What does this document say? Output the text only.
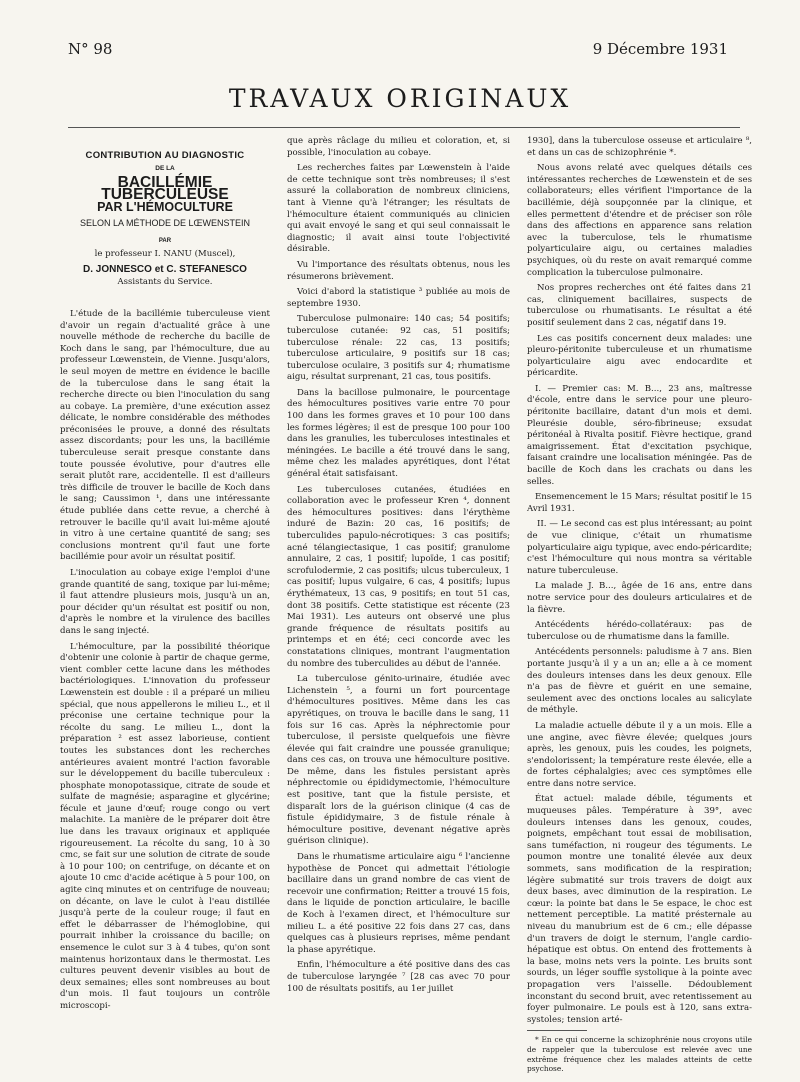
N° 98	9 Décembre 1931
TRAVAUX ORIGINAUX
CONTRIBUTION AU DIAGNOSTIC
DE LA
BACILLÉMIE TUBERCULEUSE
PAR L'HÉMOCULTURE
SELON LA MÉTHODE DE LŒWENSTEIN
PAR
le professeur I. NANU (Muscel),
D. JONNESCO et C. STEFANESCO
Assistants du Service.

L'étude de la bacillémie tuberculeuse vient d'avoir un regain d'actualité grâce à une nouvelle méthode de recherche du bacille de Koch dans le sang, par l'hémoculture, due au professeur Lœwenstein, de Vienne. Jusqu'alors, le seul moyen de mettre en évidence le bacille de la tuberculose dans le sang était la recherche directe ou bien l'inoculation du sang au cobaye. La première, d'une exécution assez délicate, le nombre considérable des méthodes préconisées le prouve, a donné des résultats assez discordants; pour les uns, la bacillémie tuberculeuse serait presque constante dans toute poussée évolutive, pour d'autres elle serait plutôt rare, accidentelle. Il est d'ailleurs très difficile de trouver le bacille de Koch dans le sang; Caussimon ¹, dans une intéressante étude publiée dans cette revue, a cherché à retrouver le bacille qu'il avait lui-même ajouté in vitro à une certaine quantité de sang; ses conclusions montrent qu'il faut une forte bacillémie pour avoir un résultat positif.

L'inoculation au cobaye exige l'emploi d'une grande quantité de sang, toxique par lui-même; il faut attendre plusieurs mois, jusqu'à un an, pour décider qu'un résultat est positif ou non, d'après le nombre et la virulence des bacilles dans le sang injecté.

L'hémoculture, par la possibilité théorique d'obtenir une colonie à partir de chaque germe, vient combler cette lacune dans les méthodes bactériologiques. L'innovation du professeur Lœwenstein est double : il a préparé un milieu spécial, que nous appellerons le milieu L., et il préconise une certaine technique pour la récolte du sang. Le milieu L., dont la préparation ² est assez laborieuse, contient toutes les substances dont les recherches antérieures avaient montré l'action favorable sur le développement du bacille tuberculeux : phosphate monopotassique, citrate de soude et sulfate de magnésie; asparagine et glycérine; fécule et jaune d'œuf; rouge congo ou vert malachite. La manière de le préparer doit être lue dans les travaux originaux et appliquée rigoureusement. La récolte du sang, 10 à 30 cmc, se fait sur une solution de citrate de soude à 10 pour 100; on centrifuge, on décante et on ajoute 10 cmc d'acide acétique à 5 pour 100, on agite cinq minutes et on centrifuge de nouveau; on décante, on lave le culot à l'eau distillée jusqu'à perte de la couleur rouge; il faut en effet le débarrasser de l'hémoglobine, qui pourrait inhiber la croissance du bacille; on ensemence le culot sur 3 à 4 tubes, qu'on sont maintenus horizontaux dans le thermostat. Les cultures peuvent devenir visibles au bout de deux semaines; elles sont nombreuses au bout d'un mois. Il faut toujours un contrôle microscopi-

que après râclage du milieu et coloration, et, si possible, l'inoculation au cobaye.

Les recherches faites par Lœwenstein à l'aide de cette technique sont très nombreuses; il s'est assuré la collaboration de nombreux cliniciens, tant à Vienne qu'à l'étranger; les résultats de l'hémoculture étaient communiqués au clinicien qui avait envoyé le sang et qui seul connaissait le diagnostic; il avait ainsi toute l'objectivité désirable.

Vu l'importance des résultats obtenus, nous les résumerons brièvement.

Voici d'abord la statistique ³ publiée au mois de septembre 1930.

Tuberculose pulmonaire: 140 cas; 54 positifs; tuberculose cutanée: 92 cas, 51 positifs; tuberculose rénale: 22 cas, 13 positifs; tuberculose articulaire, 9 positifs sur 18 cas; tuberculose oculaire, 3 positifs sur 4; rhumatisme aigu, résultat surprenant, 21 cas, tous positifs.

Dans la bacillose pulmonaire, le pourcentage des hémocultures positives varie entre 70 pour 100 dans les formes graves et 10 pour 100 dans les formes légères; il est de presque 100 pour 100 dans les granulies, les tuberculoses intestinales et méningées. Le bacille a été trouvé dans le sang, même chez les malades apyrétiques, dont l'état général était satisfaisant.

Les tuberculoses cutanées, étudiées en collaboration avec le professeur Kren ⁴, donnent des hémocultures positives: dans l'érythème induré de Bazin: 20 cas, 16 positifs; de tuberculides papulo-nécrotiques: 3 cas positifs; acné télangiectasique, 1 cas positif; granulome annulaire, 2 cas, 1 positif; lupoïde, 1 cas positif; scrofulodermie, 2 cas positifs; ulcus tuberculeux, 1 cas positif; lupus vulgaire, 6 cas, 4 positifs; lupus érythémateux, 13 cas, 9 positifs; en tout 51 cas, dont 38 positifs. Cette statistique est récente (23 Mai 1931). Les auteurs ont observé une plus grande fréquence de résultats positifs au printemps et en été; ceci concorde avec les constatations cliniques, montrant l'augmentation du nombre des tuberculides au début de l'année.

La tuberculose génito-urinaire, étudiée avec Lichenstein ⁵, a fourni un fort pourcentage d'hémocultures positives. Même dans les cas apyrétiques, on trouva le bacille dans le sang, 11 fois sur 16 cas. Après la néphrectomie pour tuberculose, il persiste quelquefois une fièvre élevée qui fait craindre une poussée granulique; dans ces cas, on trouva une hémoculture positive. De même, dans les fistules persistant après néphrectomie ou épididymectomie, l'hémoculture est positive, tant que la fistule persiste, et disparaît lors de la guérison clinique (4 cas de fistule épididymaire, 3 de fistule rénale à hémoculture positive, devenant négative après guérison clinique).

Dans le rhumatisme articulaire aigu ⁶ l'ancienne hypothèse de Poncet qui admettait l'étiologie bacillaire dans un grand nombre de cas vient de recevoir une confirmation; Reitter a trouvé 15 fois, dans le liquide de ponction articulaire, le bacille de Koch à l'examen direct, et l'hémoculture sur milieu L. a été positive 22 fois dans 27 cas, dans quelques cas à plusieurs reprises, même pendant la phase apyrétique.

Enfin, l'hémoculture a été positive dans des cas de tuberculose laryngée ⁷ [28 cas avec 70 pour 100 de résultats positifs, au 1er juillet

1930], dans la tuberculose osseuse et articulaire ⁸, et dans un cas de schizophrénie *.

Nous avons relaté avec quelques détails ces intéressantes recherches de Lœwenstein et de ses collaborateurs; elles vérifient l'importance de la bacillémie, déjà soupçonnée par la clinique, et elles permettent d'étendre et de préciser son rôle dans des affections en apparence sans relation avec la tuberculose, tels le rhumatisme polyarticulaire aigu, ou certaines maladies psychiques, où du reste on avait remarqué comme complication la tuberculose pulmonaire.

Nos propres recherches ont été faites dans 21 cas, cliniquement bacillaires, suspects de tuberculose ou rhumatisants. Le résultat a été positif seulement dans 2 cas, négatif dans 19.

Les cas positifs concernent deux malades: une pleuro-péritonite tuberculeuse et un rhumatisme polyarticulaire aigu avec endocardite et péricardite.

I. — Premier cas: M. B..., 23 ans, maîtresse d'école, entre dans le service pour une pleuro-péritonite bacillaire, datant d'un mois et demi. Pleurésie double, séro-fibrineuse; exsudat péritonéal à Rivalta positif. Fièvre hectique, grand amaigrissement. État d'excitation psychique, faisant craindre une localisation méningée. Pas de bacille de Koch dans les crachats ou dans les selles.

Ensemencement le 15 Mars; résultat positif le 15 Avril 1931.

II. — Le second cas est plus intéressant; au point de vue clinique, c'était un rhumatisme polyarticulaire aigu typique, avec endo-péricardite; c'est l'hémoculture qui nous montra sa véritable nature tuberculeuse.

La malade J. B..., âgée de 16 ans, entre dans notre service pour des douleurs articulaires et de la fièvre.

Antécédents hérédo-collatéraux: pas de tuberculose ou de rhumatisme dans la famille.

Antécédents personnels: paludisme à 7 ans. Bien portante jusqu'à il y a un an; elle a à ce moment des douleurs intenses dans les deux genoux. Elle n'a pas de fièvre et guérit en une semaine, seulement avec des onctions locales au salicylate de méthyle.

La maladie actuelle débute il y a un mois. Elle a une angine, avec fièvre élevée; quelques jours après, les genoux, puis les coudes, les poignets, s'endolorissent; la température reste élevée, elle a de fortes céphalalgies; avec ces symptômes elle entre dans notre service.

État actuel: malade débile, téguments et muqueuses pâles. Température à 39°, avec douleurs intenses dans les genoux, coudes, poignets, empêchant tout essai de mobilisation, sans tuméfaction, ni rougeur des téguments. Le poumon montre une tonalité élevée aux deux sommets, sans modification de la respiration; légère submatité sur trois travers de doigt aux deux bases, avec diminution de la respiration. Le cœur: la pointe bat dans le 5e espace, le choc est nettement perceptible. La matité présternale au niveau du manubrium est de 6 cm.; elle dépasse d'un travers de doigt le sternum, l'angle cardio-hépatique est obtus. On entend des frottements à la base, moins nets vers la pointe. Les bruits sont sourds, un léger souffle systolique à la pointe avec propagation vers l'aisselle. Dédoublement inconstant du second bruit, avec retentissement au foyer pulmonaire. Le pouls est à 120, sans extra-systoles; tension arté-

* En ce qui concerne la schizophrénie nous croyons utile de rappeler que la tuberculose est relevée avec une extrême fréquence chez les malades atteints de cette psychose.
